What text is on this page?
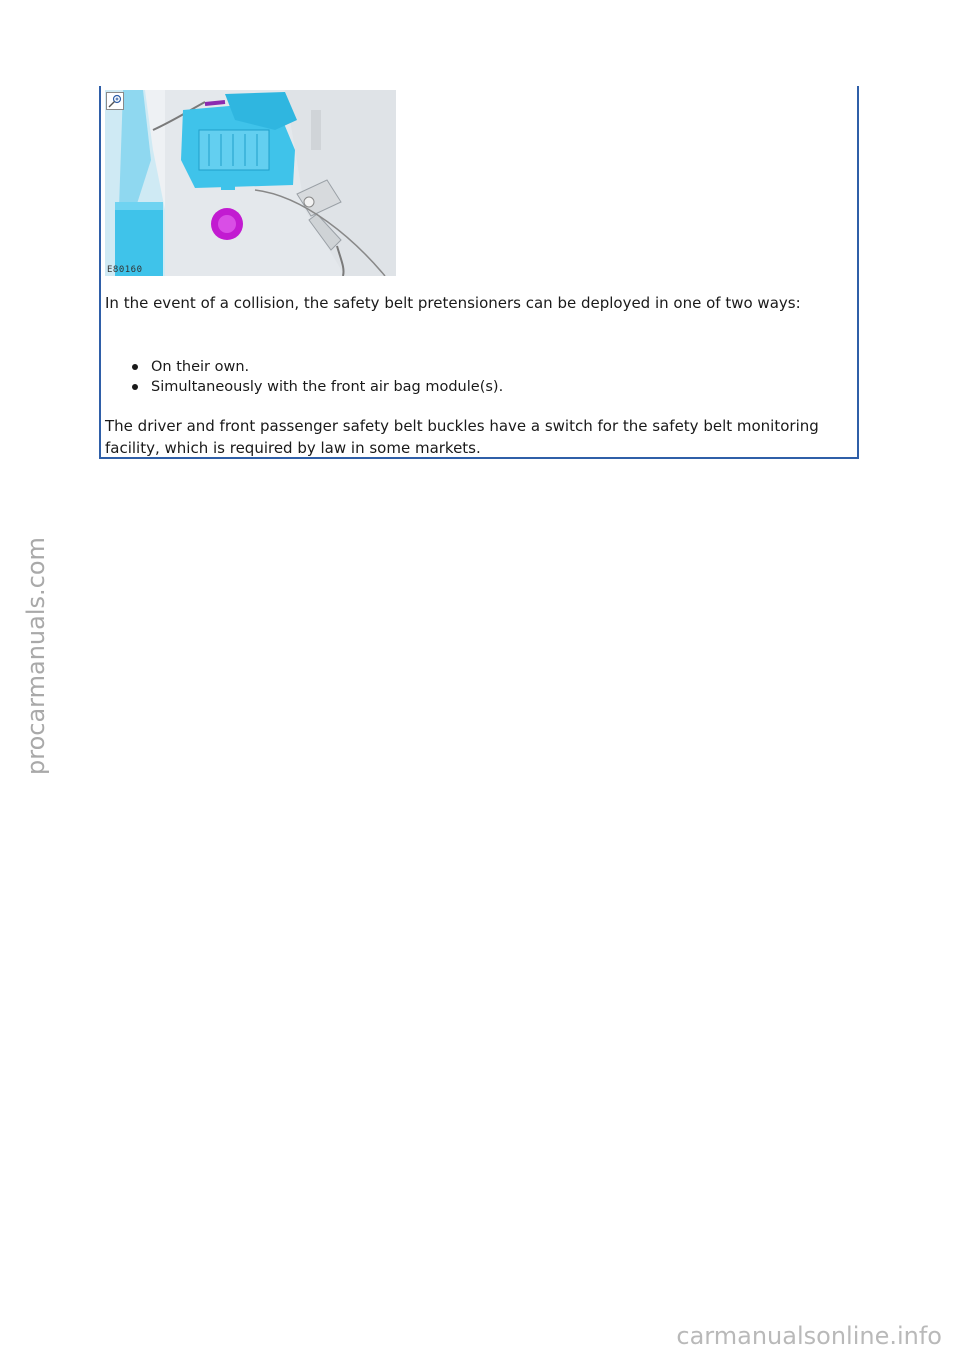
E80160

In the event of a collision, the safety belt pretensioners can be deployed in one of two ways:

On their own.
Simultaneously with the front air bag module(s).

The driver and front passenger safety belt buckles have a switch for the safety belt monitoring facility, which is required by law in some markets.

procarmanuals.com
carmanualsonline.info
